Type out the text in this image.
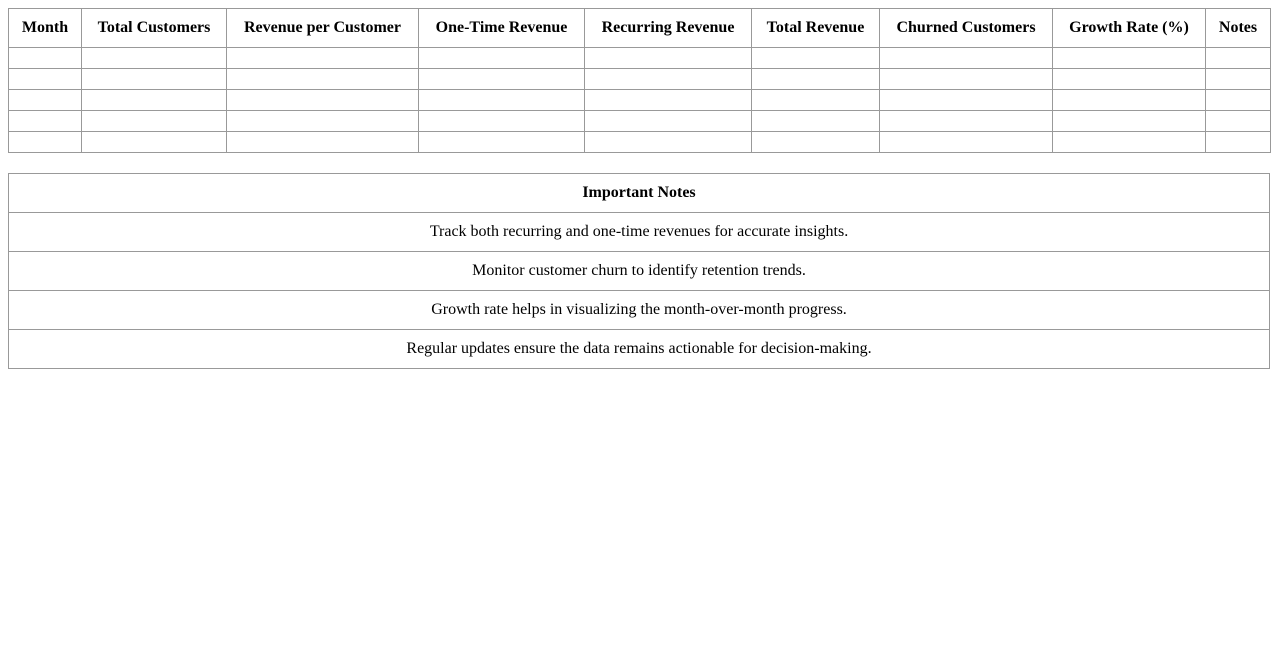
Month	Total Customers	Revenue per Customer	One-Time Revenue	Recurring Revenue	Total Revenue	Churned Customers	Growth Rate (%)	Notes

Important Notes
Track both recurring and one-time revenues for accurate insights.
Monitor customer churn to identify retention trends.
Growth rate helps in visualizing the month-over-month progress.
Regular updates ensure the data remains actionable for decision-making.
